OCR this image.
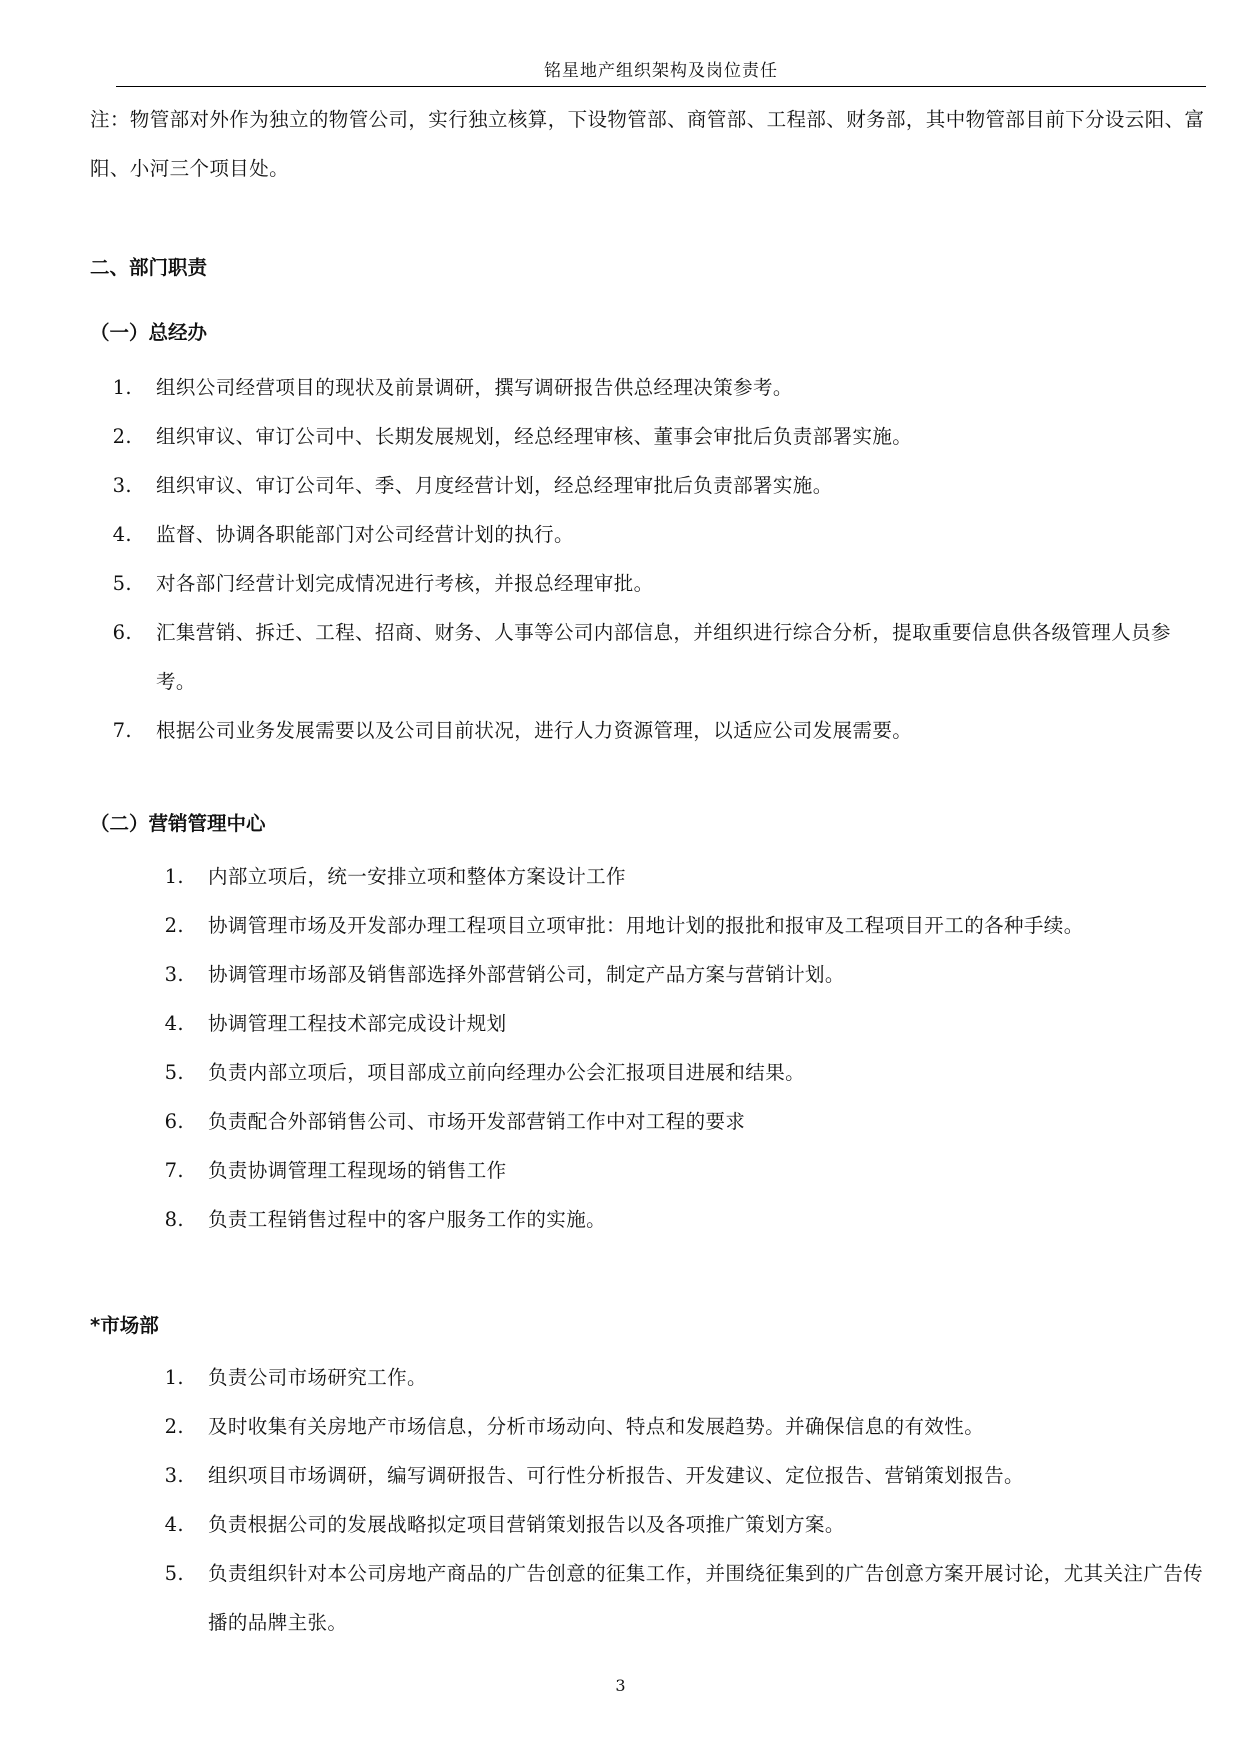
铭星地产组织架构及岗位责任

注：物管部对外作为独立的物管公司，实行独立核算，下设物管部、商管部、工程部、财务部，其中物管部目前下分设云阳、富阳、小河三个项目处。

二、部门职责
（一）总经办
1. 组织公司经营项目的现状及前景调研，撰写调研报告供总经理决策参考。
2. 组织审议、审订公司中、长期发展规划，经总经理审核、董事会审批后负责部署实施。
3. 组织审议、审订公司年、季、月度经营计划，经总经理审批后负责部署实施。
4. 监督、协调各职能部门对公司经营计划的执行。
5. 对各部门经营计划完成情况进行考核，并报总经理审批。
6. 汇集营销、拆迁、工程、招商、财务、人事等公司内部信息，并组织进行综合分析，提取重要信息供各级管理人员参考。
7. 根据公司业务发展需要以及公司目前状况，进行人力资源管理，以适应公司发展需要。
（二）营销管理中心
1. 内部立项后，统一安排立项和整体方案设计工作
2. 协调管理市场及开发部办理工程项目立项审批：用地计划的报批和报审及工程项目开工的各种手续。
3. 协调管理市场部及销售部选择外部营销公司，制定产品方案与营销计划。
4. 协调管理工程技术部完成设计规划
5. 负责内部立项后，项目部成立前向经理办公会汇报项目进展和结果。
6. 负责配合外部销售公司、市场开发部营销工作中对工程的要求
7. 负责协调管理工程现场的销售工作
8. 负责工程销售过程中的客户服务工作的实施。
*市场部
1. 负责公司市场研究工作。
2. 及时收集有关房地产市场信息，分析市场动向、特点和发展趋势。并确保信息的有效性。
3. 组织项目市场调研，编写调研报告、可行性分析报告、开发建议、定位报告、营销策划报告。
4. 负责根据公司的发展战略拟定项目营销策划报告以及各项推广策划方案。
5. 负责组织针对本公司房地产商品的广告创意的征集工作，并围绕征集到的广告创意方案开展讨论，尤其关注广告传播的品牌主张。
3
